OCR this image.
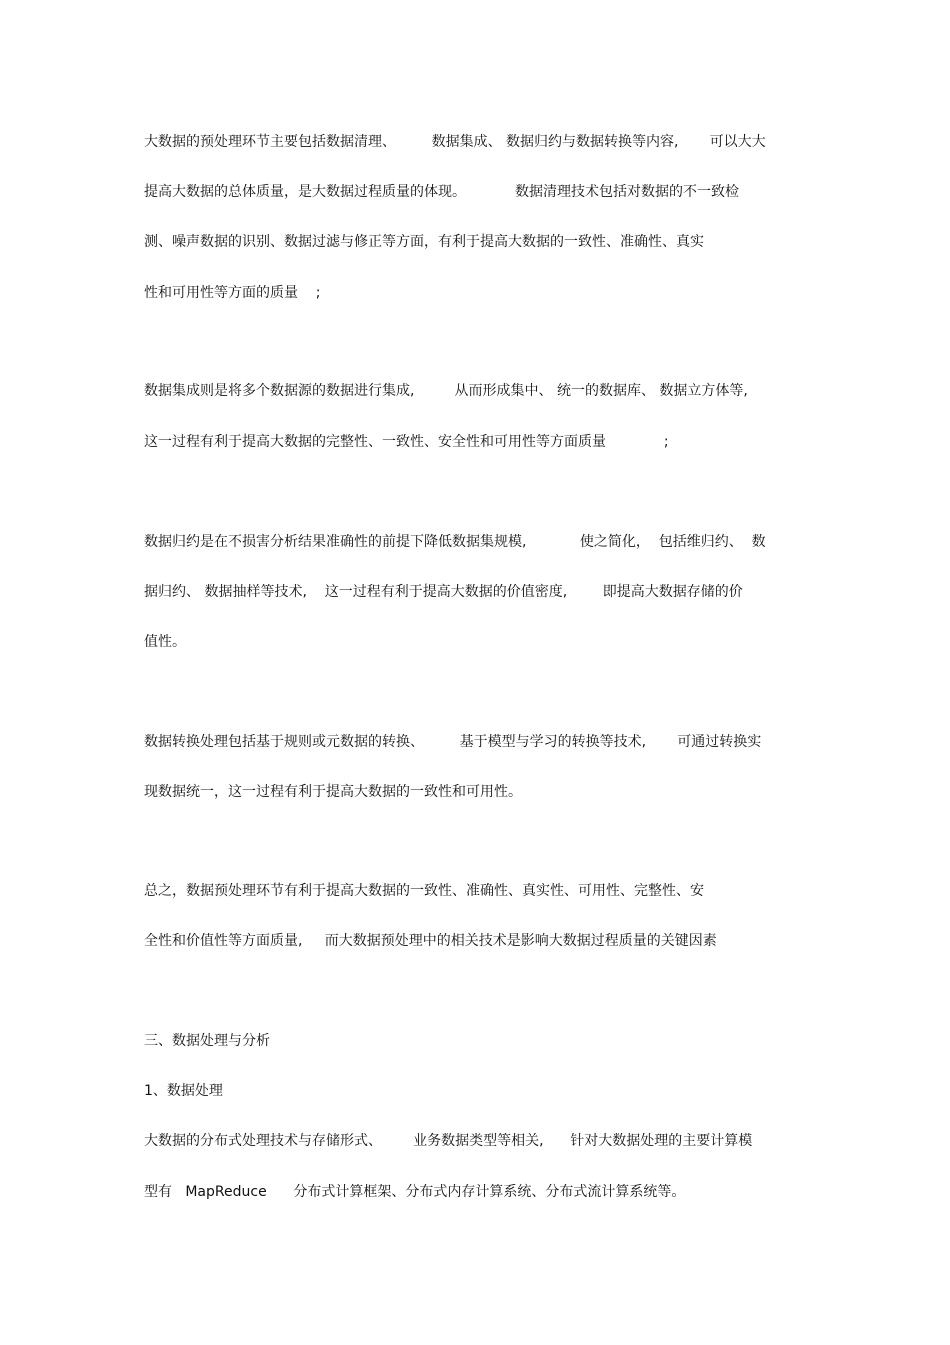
大数据的预处理环节主要包括数据清理、        数据集成、 数据归约与数据转换等内容,       可以大大

提高大数据的总体质量，是大数据过程质量的体现。           数据清理技术包括对数据的不一致检

测、噪声数据的识别、数据过滤与修正等方面，有利于提高大数据的一致性、准确性、真实

性和可用性等方面的质量    ;

数据集成则是将多个数据源的数据进行集成,         从而形成集中、 统一的数据库、 数据立方体等,

这一过程有利于提高大数据的完整性、一致性、安全性和可用性等方面质量             ;

数据归约是在不损害分析结果准确性的前提下降低数据集规模,            使之简化，  包括维归约、  数

据归约、 数据抽样等技术,    这一过程有利于提高大数据的价值密度,        即提高大数据存储的价

值性。

数据转换处理包括基于规则或元数据的转换、        基于模型与学习的转换等技术,       可通过转换实

现数据统一，这一过程有利于提高大数据的一致性和可用性。

总之，数据预处理环节有利于提高大数据的一致性、准确性、真实性、可用性、完整性、安

全性和价值性等方面质量,     而大数据预处理中的相关技术是影响大数据过程质量的关键因素

三、数据处理与分析

1、数据处理

大数据的分布式处理技术与存储形式、       业务数据类型等相关,      针对大数据处理的主要计算模

型有   MapReduce      分布式计算框架、分布式内存计算系统、分布式流计算系统等。
